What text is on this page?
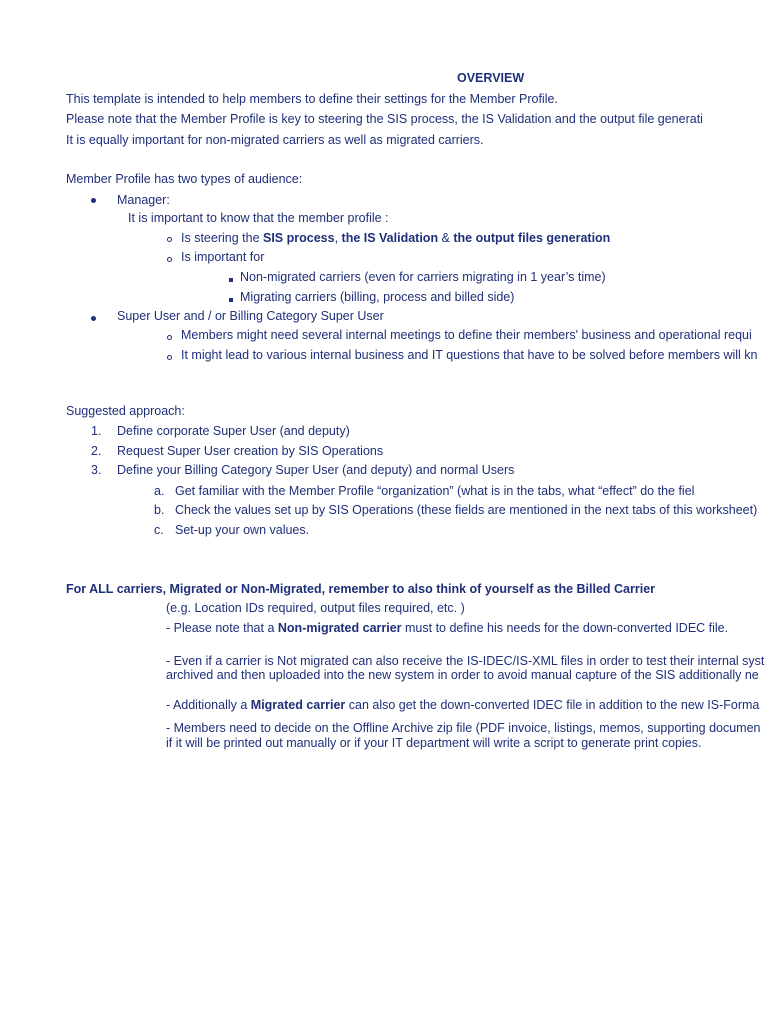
OVERVIEW
This template is intended to help members to define their settings for the Member Profile.
Please note that the Member Profile is key to steering the SIS process, the IS Validation and the output file generati
It is equally important for non-migrated carriers as well as migrated carriers.
Member Profile has two types of audience:
Manager:
It is important to know that the member profile :
Is steering the SIS process, the IS Validation & the output files generation
Is important for
Non-migrated carriers (even for carriers migrating in 1 year’s time)
Migrating carriers (billing, process and billed side)
Super User and / or Billing Category Super User
Members might need several internal meetings to define their members' business and operational requi
It might lead to various internal business and IT questions that have to be solved before members will kn
Suggested approach:
1. Define corporate Super User (and deputy)
2. Request Super User creation by SIS Operations
3. Define your Billing Category Super User (and deputy) and normal Users
a. Get familiar with the Member Profile “organization” (what is in the tabs, what “effect” do the fiel
b. Check the values set up by SIS Operations (these fields are mentioned in the next tabs of this worksheet)
c. Set-up your own values.
For ALL carriers, Migrated or Non-Migrated, remember to also think of yourself as the Billed Carrier
(e.g. Location IDs required, output files required, etc. )
- Please note that a Non-migrated carrier must to define his needs for the down-converted IDEC file.
- Even if a carrier is Not migrated can also receive the IS-IDEC/IS-XML files in order to test their internal syst
archived and then uploaded into the new system in order to avoid manual capture of the SIS additionally ne
- Additionally a Migrated carrier can also get the down-converted IDEC file in addition to the new IS-Forma
- Members need to decide on the Offline Archive zip file (PDF invoice, listings, memos, supporting documen
if it will be printed out manually or if your IT department will write a script to generate print copies.
